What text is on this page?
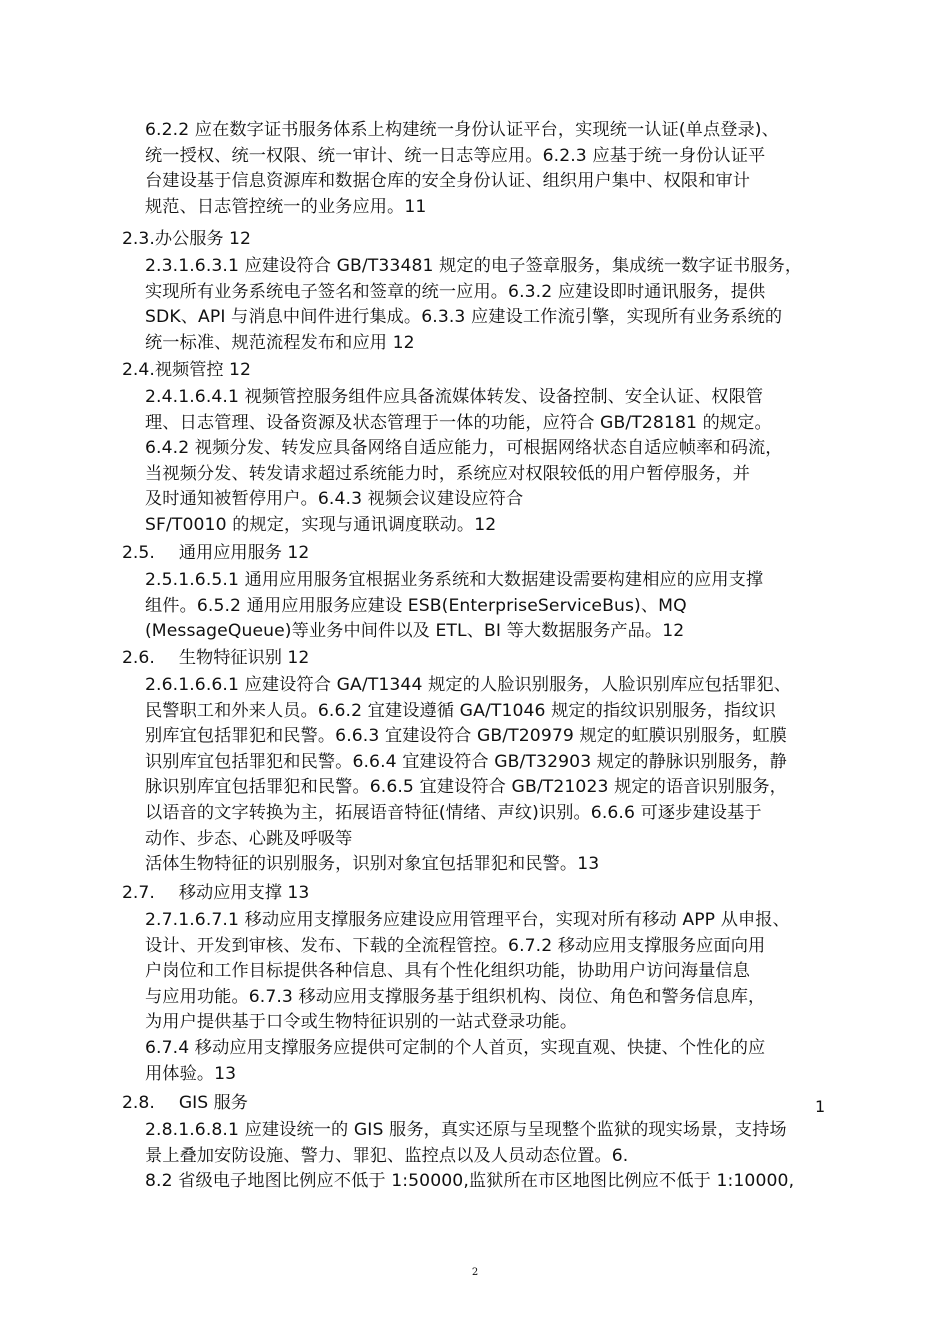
6.2.2 应在数字证书服务体系上构建统一身份认证平台，实现统一认证(单点登录)、
统一授权、统一权限、统一审计、统一日志等应用。6.2.3 应基于统一身份认证平
台建设基于信息资源库和数据仓库的安全身份认证、组织用户集中、权限和审计
规范、日志管控统一的业务应用。11
2.3.办公服务 12
2.3.1.6.3.1 应建设符合 GB/T33481 规定的电子签章服务，集成统一数字证书服务，
实现所有业务系统电子签名和签章的统一应用。6.3.2 应建设即时通讯服务，提供
SDK、API 与消息中间件进行集成。6.3.3 应建设工作流引擎，实现所有业务系统的
统一标准、规范流程发布和应用 12
2.4.视频管控 12
2.4.1.6.4.1 视频管控服务组件应具备流媒体转发、设备控制、安全认证、权限管
理、日志管理、设备资源及状态管理于一体的功能，应符合 GB/T28181 的规定。
6.4.2 视频分发、转发应具备网络自适应能力，可根据网络状态自适应帧率和码流，
当视频分发、转发请求超过系统能力时，系统应对权限较低的用户暂停服务，并
及时通知被暂停用户。6.4.3 视频会议建设应符合
SF/T0010 的规定，实现与通讯调度联动。12
2.5. 通用应用服务 12
2.5.1.6.5.1 通用应用服务宜根据业务系统和大数据建设需要构建相应的应用支撑
组件。6.5.2 通用应用服务应建设 ESB(EnterpriseServiceBus)、MQ
(MessageQueue)等业务中间件以及 ETL、BI 等大数据服务产品。12
2.6. 生物特征识别 12
2.6.1.6.6.1 应建设符合 GA/T1344 规定的人脸识别服务，人脸识别库应包括罪犯、
民警职工和外来人员。6.6.2 宜建设遵循 GA/T1046 规定的指纹识别服务，指纹识
别库宜包括罪犯和民警。6.6.3 宜建设符合 GB/T20979 规定的虹膜识别服务，虹膜
识别库宜包括罪犯和民警。6.6.4 宜建设符合 GB/T32903 规定的静脉识别服务，静
脉识别库宜包括罪犯和民警。6.6.5 宜建设符合 GB/T21023 规定的语音识别服务，
以语音的文字转换为主，拓展语音特征(情绪、声纹)识别。6.6.6 可逐步建设基于
动作、步态、心跳及呼吸等
活体生物特征的识别服务，识别对象宜包括罪犯和民警。13
2.7. 移动应用支撑 13
2.7.1.6.7.1 移动应用支撑服务应建设应用管理平台，实现对所有移动 APP 从申报、
设计、开发到审核、发布、下载的全流程管控。6.7.2 移动应用支撑服务应面向用
户岗位和工作目标提供各种信息、具有个性化组织功能，协助用户访问海量信息
与应用功能。6.7.3 移动应用支撑服务基于组织机构、岗位、角色和警务信息库，
为用户提供基于口令或生物特征识别的一站式登录功能。
6.7.4 移动应用支撑服务应提供可定制的个人首页，实现直观、快捷、个性化的应
用体验。13
2.8. GIS 服务	1
2.8.1.6.8.1 应建设统一的 GIS 服务，真实还原与呈现整个监狱的现实场景，支持场
景上叠加安防设施、警力、罪犯、监控点以及人员动态位置。6.
8.2 省级电子地图比例应不低于 1:50000,监狱所在市区地图比例应不低于 1:10000,
2
